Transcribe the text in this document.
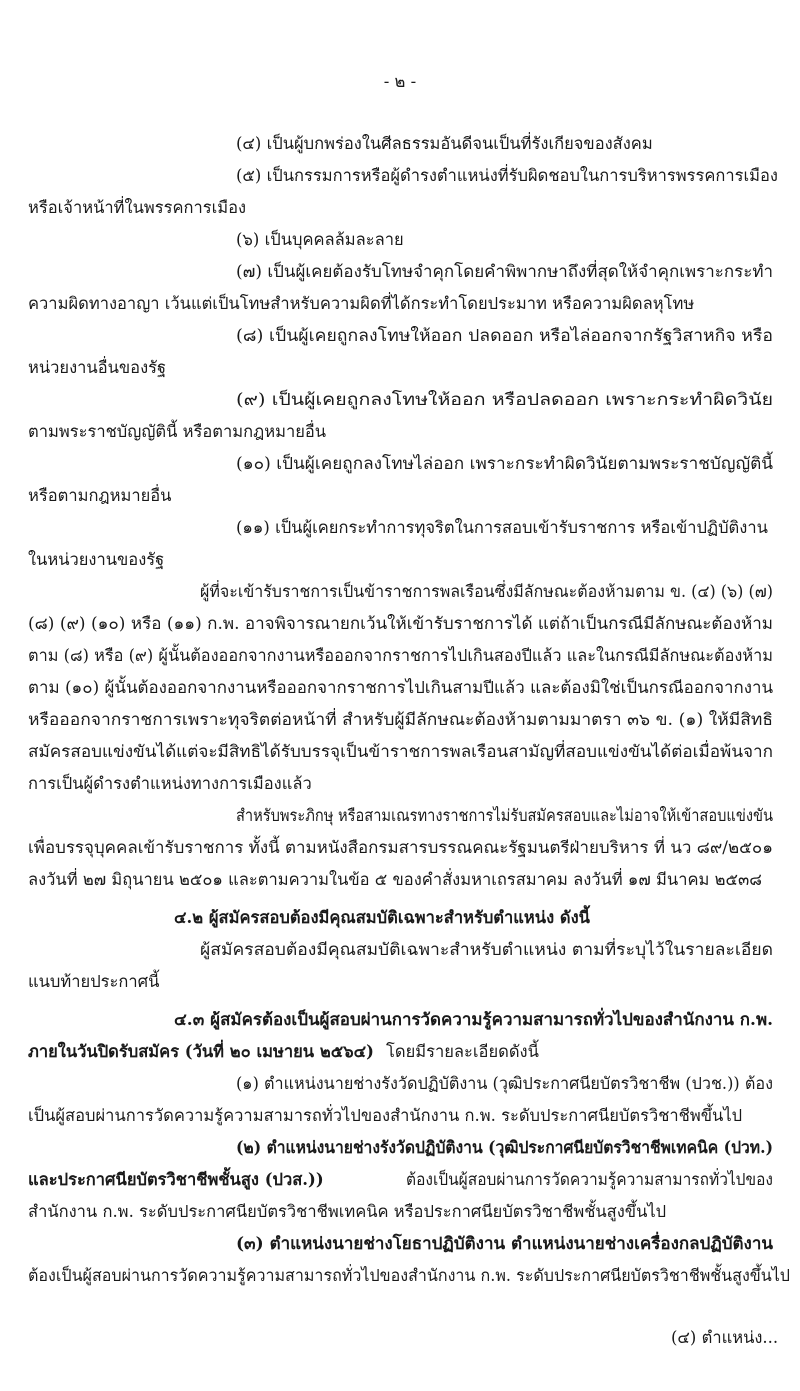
- ๒ -
(๔) เป็นผู้บกพร่องในศีลธรรมอันดีจนเป็นที่รังเกียจของสังคม
(๕) เป็นกรรมการหรือผู้ดำรงตำแหน่งที่รับผิดชอบในการบริหารพรรคการเมือง
หรือเจ้าหน้าที่ในพรรคการเมือง
(๖) เป็นบุคคลล้มละลาย
(๗) เป็นผู้เคยต้องรับโทษจำคุกโดยคำพิพากษาถึงที่สุดให้จำคุกเพราะกระทำ
ความผิดทางอาญา เว้นแต่เป็นโทษสำหรับความผิดที่ได้กระทำโดยประมาท หรือความผิดลหุโทษ
(๘) เป็นผู้เคยถูกลงโทษให้ออก ปลดออก หรือไล่ออกจากรัฐวิสาหกิจ หรือ
หน่วยงานอื่นของรัฐ
(๙) เป็นผู้เคยถูกลงโทษให้ออก หรือปลดออก เพราะกระทำผิดวินัย
ตามพระราชบัญญัตินี้ หรือตามกฎหมายอื่น
(๑๐) เป็นผู้เคยถูกลงโทษไล่ออก เพราะกระทำผิดวินัยตามพระราชบัญญัตินี้
หรือตามกฎหมายอื่น
(๑๑) เป็นผู้เคยกระทำการทุจริตในการสอบเข้ารับราชการ หรือเข้าปฏิบัติงาน
ในหน่วยงานของรัฐ
ผู้ที่จะเข้ารับราชการเป็นข้าราชการพลเรือนซึ่งมีลักษณะต้องห้ามตาม ข. (๔) (๖) (๗)
(๘) (๙) (๑๐) หรือ (๑๑) ก.พ. อาจพิจารณายกเว้นให้เข้ารับราชการได้ แต่ถ้าเป็นกรณีมีลักษณะต้องห้าม
ตาม (๘) หรือ (๙) ผู้นั้นต้องออกจากงานหรือออกจากราชการไปเกินสองปีแล้ว และในกรณีมีลักษณะต้องห้าม
ตาม (๑๐) ผู้นั้นต้องออกจากงานหรือออกจากราชการไปเกินสามปีแล้ว และต้องมิใช่เป็นกรณีออกจากงาน
หรือออกจากราชการเพราะทุจริตต่อหน้าที่ สำหรับผู้มีลักษณะต้องห้ามตามมาตรา ๓๖ ข. (๑) ให้มีสิทธิ
สมัครสอบแข่งขันได้แต่จะมีสิทธิได้รับบรรจุเป็นข้าราชการพลเรือนสามัญที่สอบแข่งขันได้ต่อเมื่อพ้นจาก
การเป็นผู้ดำรงตำแหน่งทางการเมืองแล้ว
สำหรับพระภิกษุ หรือสามเณรทางราชการไม่รับสมัครสอบและไม่อาจให้เข้าสอบแข่งขัน
เพื่อบรรจุบุคคลเข้ารับราชการ ทั้งนี้ ตามหนังสือกรมสารบรรณคณะรัฐมนตรีฝ่ายบริหาร ที่ นว ๘๙/๒๕๐๑
ลงวันที่ ๒๗ มิถุนายน ๒๕๐๑ และตามความในข้อ ๕ ของคำสั่งมหาเถรสมาคม ลงวันที่ ๑๗ มีนาคม ๒๕๓๘
๔.๒ ผู้สมัครสอบต้องมีคุณสมบัติเฉพาะสำหรับตำแหน่ง ดังนี้
ผู้สมัครสอบต้องมีคุณสมบัติเฉพาะสำหรับตำแหน่ง ตามที่ระบุไว้ในรายละเอียด
แนบท้ายประกาศนี้
๔.๓ ผู้สมัครต้องเป็นผู้สอบผ่านการวัดความรู้ความสามารถทั่วไปของสำนักงาน ก.พ.
ภายในวันปิดรับสมัคร (วันที่ ๒๐ เมษายน ๒๕๖๔) โดยมีรายละเอียดดังนี้
(๑) ตำแหน่งนายช่างรังวัดปฏิบัติงาน (วุฒิประกาศนียบัตรวิชาชีพ (ปวช.)) ต้อง
เป็นผู้สอบผ่านการวัดความรู้ความสามารถทั่วไปของสำนักงาน ก.พ. ระดับประกาศนียบัตรวิชาชีพขึ้นไป
(๒) ตำแหน่งนายช่างรังวัดปฏิบัติงาน (วุฒิประกาศนียบัตรวิชาชีพเทคนิค (ปวท.)
และประกาศนียบัตรวิชาชีพชั้นสูง (ปวส.))	ต้องเป็นผู้สอบผ่านการวัดความรู้ความสามารถทั่วไปของ
สำนักงาน ก.พ. ระดับประกาศนียบัตรวิชาชีพเทคนิค หรือประกาศนียบัตรวิชาชีพชั้นสูงขึ้นไป
(๓) ตำแหน่งนายช่างโยธาปฏิบัติงาน ตำแหน่งนายช่างเครื่องกลปฏิบัติงาน
ต้องเป็นผู้สอบผ่านการวัดความรู้ความสามารถทั่วไปของสำนักงาน ก.พ. ระดับประกาศนียบัตรวิชาชีพชั้นสูงขึ้นไป
(๔) ตำแหน่ง...
